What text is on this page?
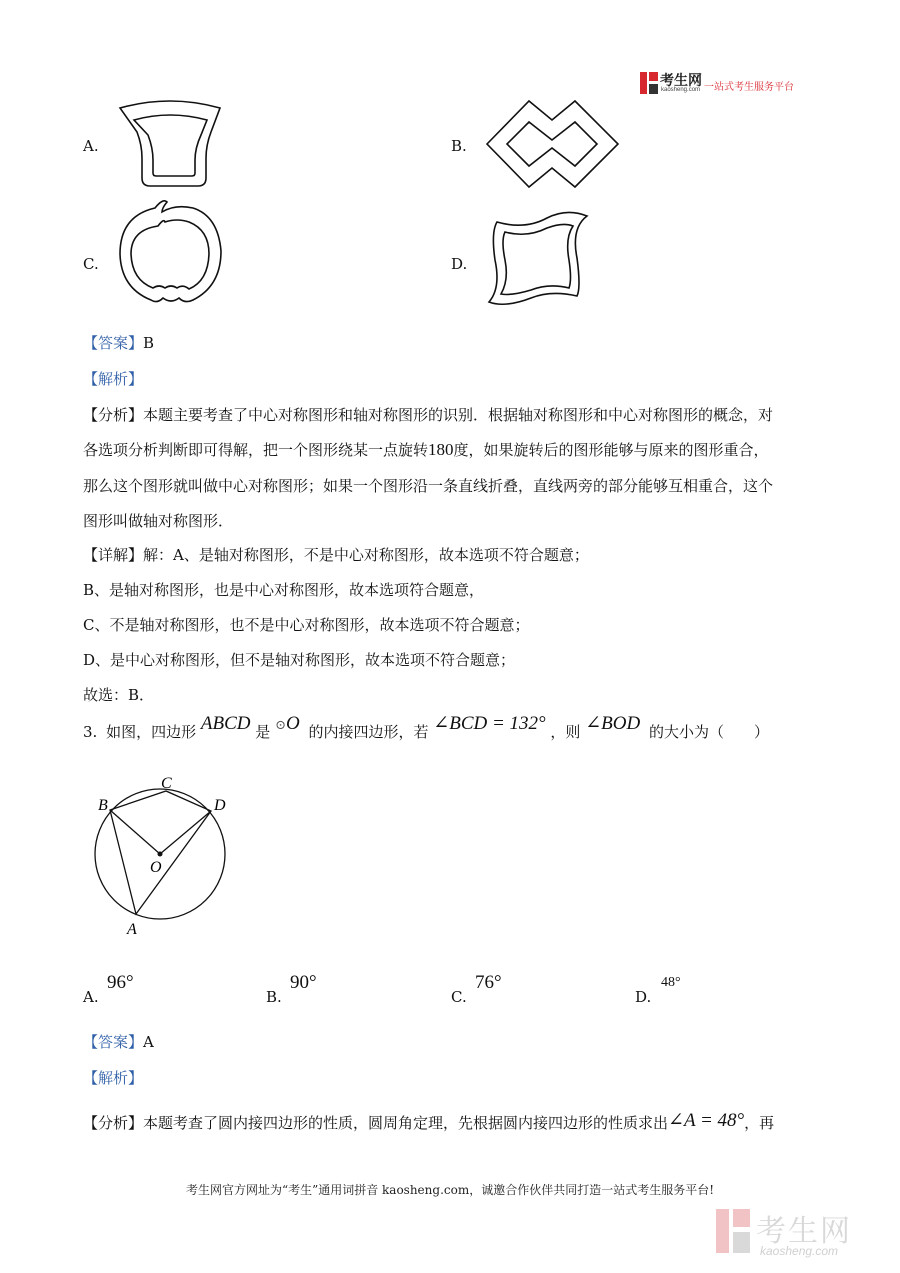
考生网
kaosheng.com 一站式考生服务平台
A.	B.
C.	D.
【答案】B
【解析】
【分析】本题主要考查了中心对称图形和轴对称图形的识别．根据轴对称图形和中心对称图形的概念，对
各选项分析判断即可得解，把一个图形绕某一点旋转180度，如果旋转后的图形能够与原来的图形重合，
那么这个图形就叫做中心对称图形；如果一个图形沿一条直线折叠，直线两旁的部分能够互相重合，这个
图形叫做轴对称图形．
【详解】解：A、是轴对称图形，不是中心对称图形，故本选项不符合题意；
B、是轴对称图形，也是中心对称图形，故本选项符合题意，
C、不是轴对称图形，也不是中心对称图形，故本选项不符合题意；
D、是中心对称图形，但不是轴对称图形，故本选项不符合题意；
故选：B．
3. 如图，四边形 ABCD 是 ⊙O 的内接四边形，若 ∠BCD = 132° ，则 ∠BOD 的大小为（　　）
C
B	D
O
A
A.
96°
B.
90°
C.
76°
D.
48°
【答案】A
【解析】
【分析】本题考查了圆内接四边形的性质，圆周角定理，先根据圆内接四边形的性质求出∠A = 48°，再
考生网官方网址为“考生”通用词拼音 kaosheng.com，诚邀合作伙伴共同打造一站式考生服务平台!
考生网
kaosheng.com
